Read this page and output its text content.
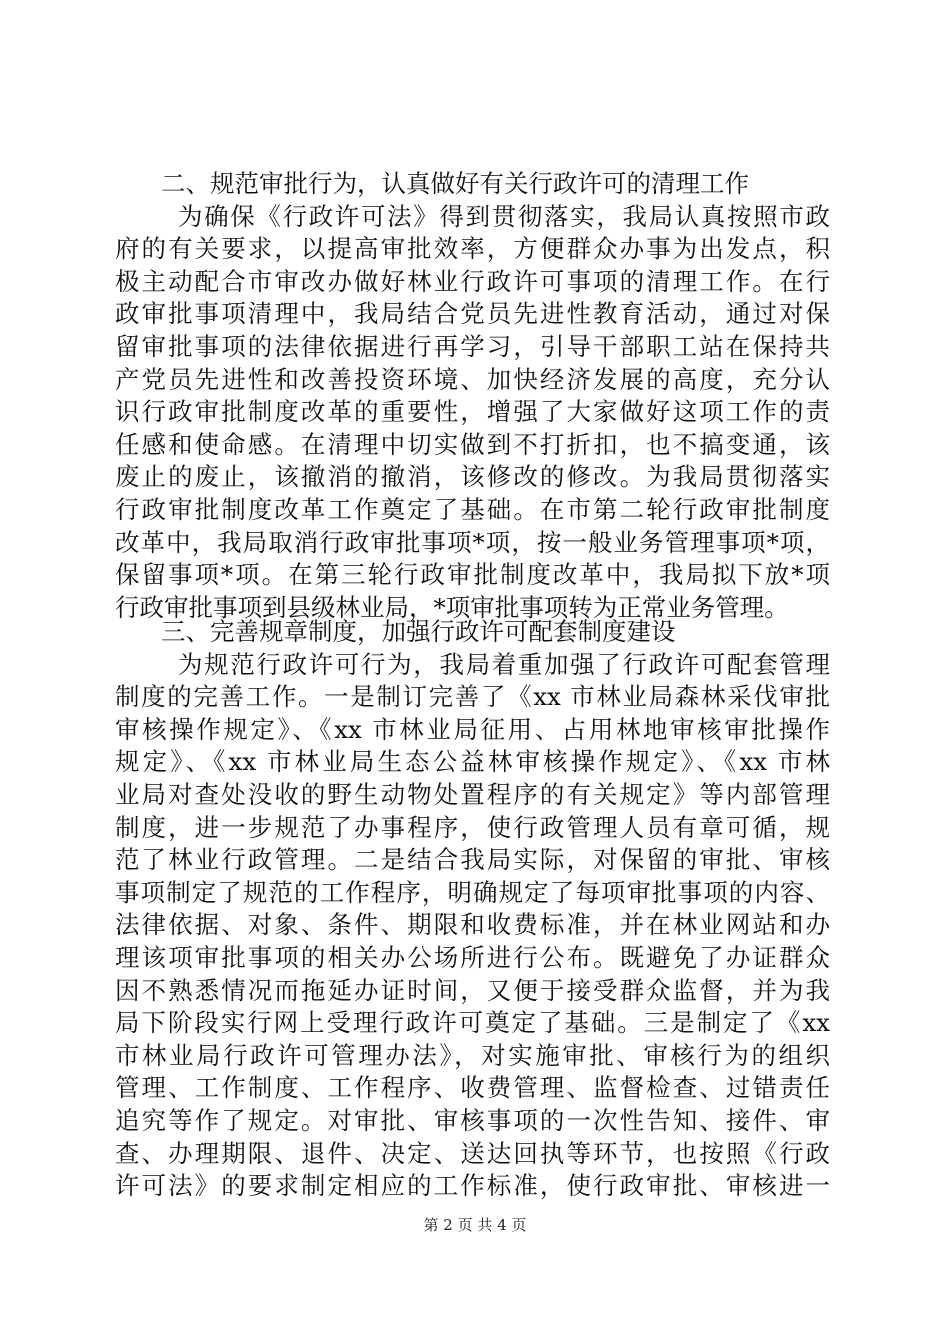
二、规范审批行为，认真做好有关行政许可的清理工作
为确保《行政许可法》得到贯彻落实，我局认真按照市政
府的有关要求，以提高审批效率，方便群众办事为出发点，积
极主动配合市审改办做好林业行政许可事项的清理工作。在行
政审批事项清理中，我局结合党员先进性教育活动，通过对保
留审批事项的法律依据进行再学习，引导干部职工站在保持共
产党员先进性和改善投资环境、加快经济发展的高度，充分认
识行政审批制度改革的重要性，增强了大家做好这项工作的责
任感和使命感。在清理中切实做到不打折扣，也不搞变通，该
废止的废止，该撤消的撤消，该修改的修改。为我局贯彻落实
行政审批制度改革工作奠定了基础。在市第二轮行政审批制度
改革中，我局取消行政审批事项*项，按一般业务管理事项*项，
保留事项*项。在第三轮行政审批制度改革中，我局拟下放*项
行政审批事项到县级林业局，*项审批事项转为正常业务管理。
三、完善规章制度，加强行政许可配套制度建设
为规范行政许可行为，我局着重加强了行政许可配套管理
制度的完善工作。一是制订完善了《xx 市林业局森林采伐审批
审核操作规定》、《xx 市林业局征用、占用林地审核审批操作
规定》、《xx 市林业局生态公益林审核操作规定》、《xx 市林
业局对查处没收的野生动物处置程序的有关规定》等内部管理
制度，进一步规范了办事程序，使行政管理人员有章可循，规
范了林业行政管理。二是结合我局实际，对保留的审批、审核
事项制定了规范的工作程序，明确规定了每项审批事项的内容、
法律依据、对象、条件、期限和收费标准，并在林业网站和办
理该项审批事项的相关办公场所进行公布。既避免了办证群众
因不熟悉情况而拖延办证时间，又便于接受群众监督，并为我
局下阶段实行网上受理行政许可奠定了基础。三是制定了《xx
市林业局行政许可管理办法》，对实施审批、审核行为的组织
管理、工作制度、工作程序、收费管理、监督检查、过错责任
追究等作了规定。对审批、审核事项的一次性告知、接件、审
查、办理期限、退件、决定、送达回执等环节，也按照《行政
许可法》的要求制定相应的工作标准，使行政审批、审核进一
第 2 页 共 4 页
